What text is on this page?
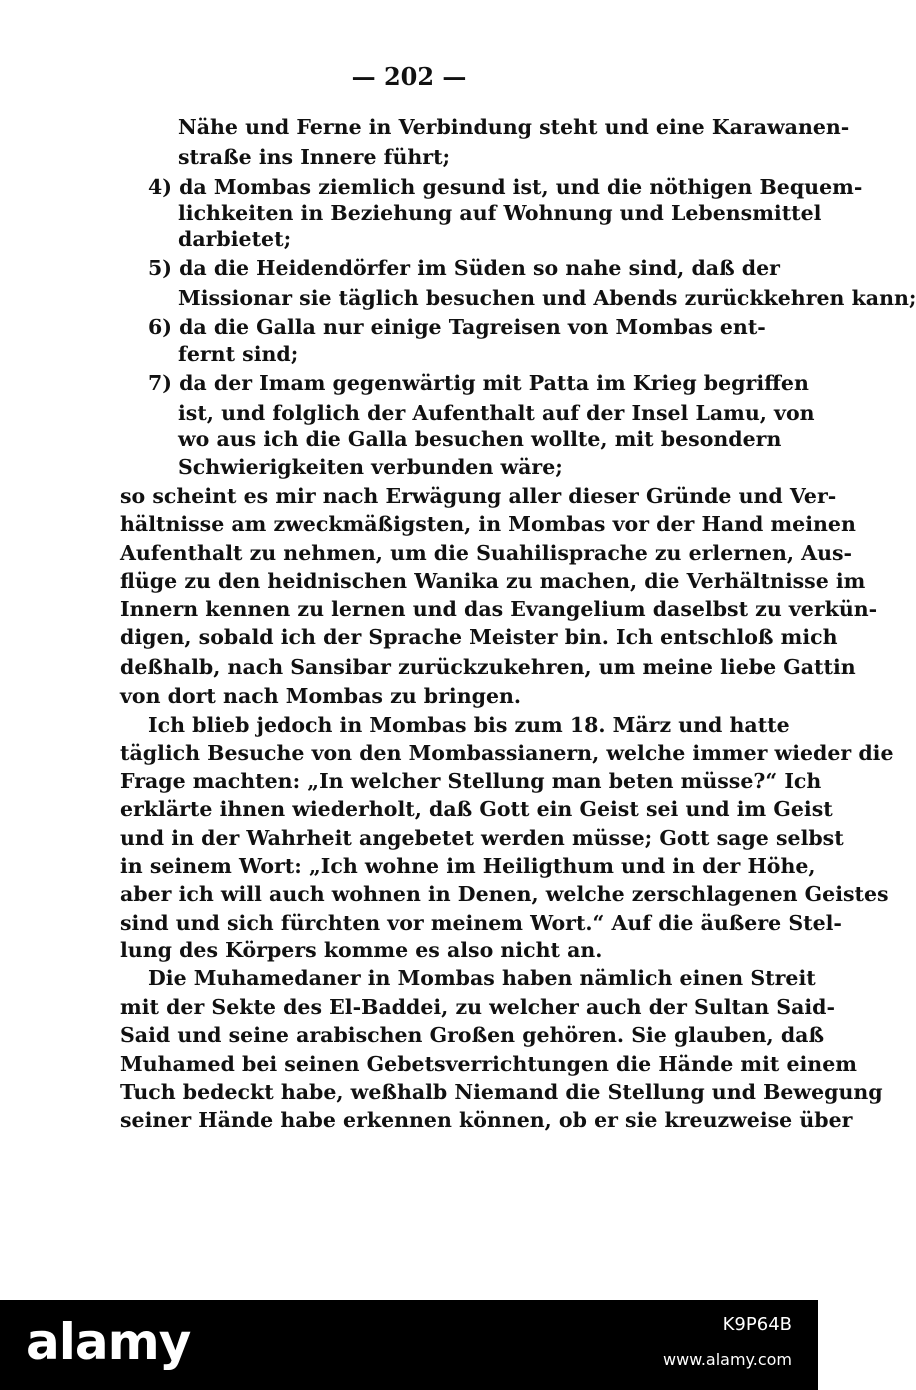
— 202 —
Nähe und Ferne in Verbindung steht und eine Karawanen-
straße ins Innere führt;
4) da Mombas ziemlich gesund ist, und die nöthigen Bequem-
lichkeiten in Beziehung auf Wohnung und Lebensmittel
darbietet;
5) da die Heidendörfer im Süden so nahe sind, daß der
Missionar sie täglich besuchen und Abends zurückkehren kann;
6) da die Galla nur einige Tagreisen von Mombas ent-
fernt sind;
7) da der Imam gegenwärtig mit Patta im Krieg begriffen
ist, und folglich der Aufenthalt auf der Insel Lamu, von
wo aus ich die Galla besuchen wollte, mit besondern
Schwierigkeiten verbunden wäre;
so scheint es mir nach Erwägung aller dieser Gründe und Ver-
hältnisse am zweckmäßigsten, in Mombas vor der Hand meinen
Aufenthalt zu nehmen, um die Suahilisprache zu erlernen, Aus-
flüge zu den heidnischen Wanika zu machen, die Verhältnisse im
Innern kennen zu lernen und das Evangelium daselbst zu verkün-
digen, sobald ich der Sprache Meister bin. Ich entschloß mich
deßhalb, nach Sansibar zurückzukehren, um meine liebe Gattin
von dort nach Mombas zu bringen.
Ich blieb jedoch in Mombas bis zum 18. März und hatte
täglich Besuche von den Mombassianern, welche immer wieder die
Frage machten: „In welcher Stellung man beten müsse?“ Ich
erklärte ihnen wiederholt, daß Gott ein Geist sei und im Geist
und in der Wahrheit angebetet werden müsse; Gott sage selbst
in seinem Wort: „Ich wohne im Heiligthum und in der Höhe,
aber ich will auch wohnen in Denen, welche zerschlagenen Geistes
sind und sich fürchten vor meinem Wort.“ Auf die äußere Stel-
lung des Körpers komme es also nicht an.
Die Muhamedaner in Mombas haben nämlich einen Streit
mit der Sekte des El-Baddei, zu welcher auch der Sultan Said-
Said und seine arabischen Großen gehören. Sie glauben, daß
Muhamed bei seinen Gebetsverrichtungen die Hände mit einem
Tuch bedeckt habe, weßhalb Niemand die Stellung und Bewegung
seiner Hände habe erkennen können, ob er sie kreuzweise über
alamy	K9P64B
www.alamy.com
